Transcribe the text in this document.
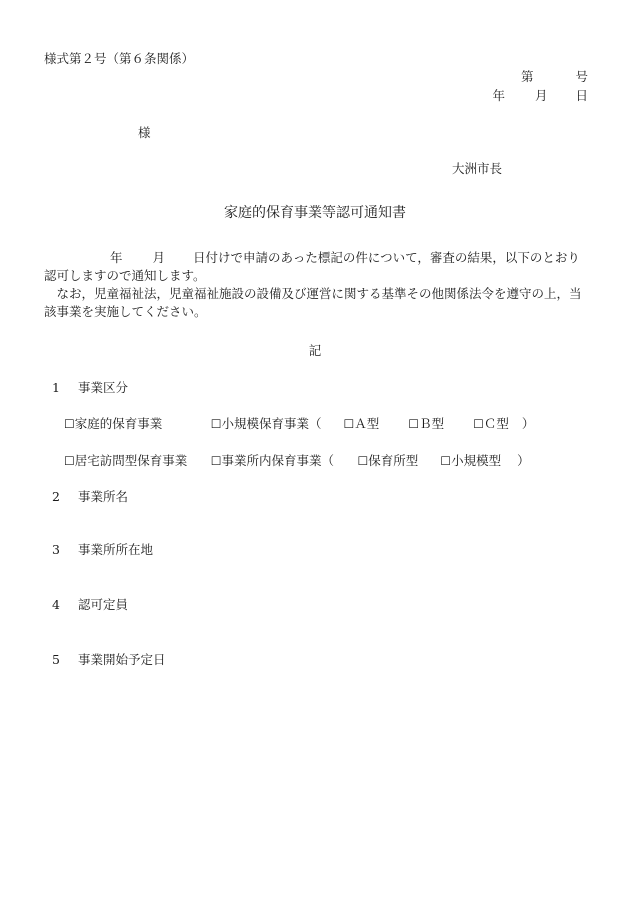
様式第２号（第６条関係）
第	号
年 月 日
様
大洲市長
家庭的保育事業等認可通知書

年 月 日付けで申請のあった標記の件について，審査の結果，以下のとおり認可しますので通知します。

なお，児童福祉法，児童福祉施設の設備及び運営に関する基準その他関係法令を遵守の上，当該事業を実施してください。

記
1 事業区分
☐家庭的保育事業	☐小規模保育事業（ ☐Ａ型 ☐Ｂ型 ☐Ｃ型 ）
☐居宅訪問型保育事業 ☐事業所内保育事業（ ☐保育所型 ☐小規模型 ）
2 事業所名
3 事業所所在地
4 認可定員
5 事業開始予定日
